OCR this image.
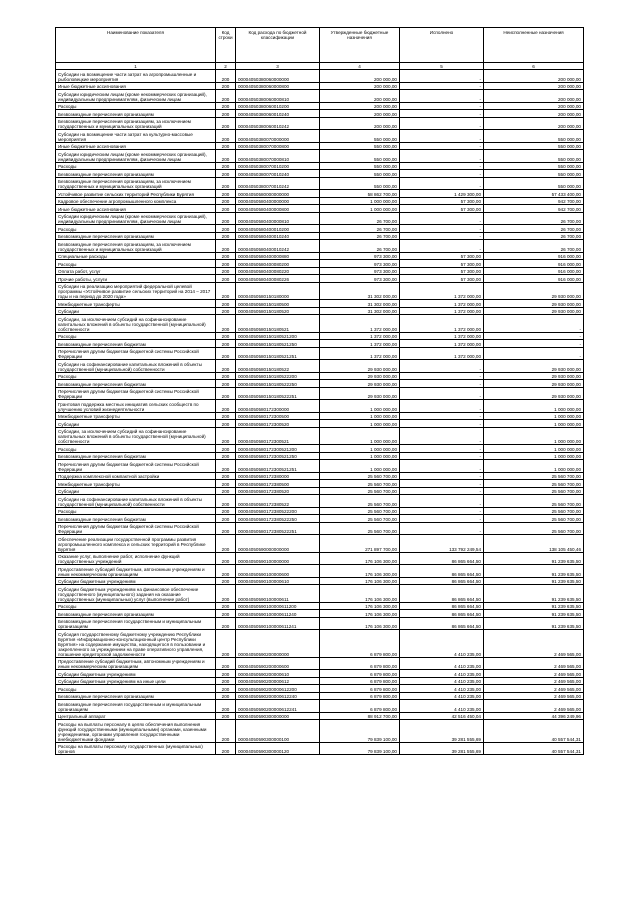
Наименование показателя	Код строки	Код расхода по бюджетной классификации	Утвержденные бюджетные назначения	Исполнено	Неисполненные назначения
1	2	3	4	5	6
Субсидии на возмещение части затрат на агропромышленные и рыболовецкие мероприятия	200	00004050380060000000	200 000,00	-	200 000,00
Иные бюджетные ассигнования	200	00004050380060000800	200 000,00	-	200 000,00
Субсидии юридическим лицам (кроме некоммерческих организаций), индивидуальным предпринимателям, физическим лицам	200	00004050380060000810	200 000,00	-	200 000,00
Расходы	200	00004050380060010200	200 000,00	-	200 000,00
Безвозмездные перечисления организациям	200	00004050380060010240	200 000,00	-	200 000,00
Безвозмездные перечисления организациям, за исключением государственных и муниципальных организаций	200	00004050380060010242	200 000,00	-	200 000,00
Субсидии на возмещение части затрат на культурно-массовые мероприятия	200	00004050380070000000	550 000,00	-	550 000,00
Иные бюджетные ассигнования	200	00004050380070000800	550 000,00	-	550 000,00
Субсидии юридическим лицам (кроме некоммерческих организаций), индивидуальным предпринимателям, физическим лицам	200	00004050380070000810	550 000,00	-	550 000,00
Расходы	200	00004050380070010200	550 000,00	-	550 000,00
Безвозмездные перечисления организациям	200	00004050380070010240	550 000,00	-	550 000,00
Безвозмездные перечисления организациям, за исключением государственных и муниципальных организаций	200	00004050380070010242	550 000,00	-	550 000,00
Устойчивое развитие сельских территорий Республики Бурятия	200	00004050580000000000	58 862 700,00	1 429 300,00	57 433 400,00
Кадровое обеспечение агропромышленного комплекса	200	00004050580400000000	1 000 000,00	57 300,00	942 700,00
Иные бюджетные ассигнования	200	00004050580400000800	1 000 000,00	57 300,00	942 700,00
Субсидии юридическим лицам (кроме некоммерческих организаций), индивидуальным предпринимателям, физическим лицам	200	00004050580400000810	26 700,00	-	26 700,00
Расходы	200	00004050580400010200	26 700,00	-	26 700,00
Безвозмездные перечисления организациям	200	00004050580400010240	26 700,00	-	26 700,00
Безвозмездные перечисления организациям, за исключением государственных и муниципальных организаций	200	00004050580400010242	26 700,00	-	26 700,00
Специальные расходы	200	00004050580400000880	973 300,00	57 300,00	916 000,00
Расходы	200	00004050580400080200	973 300,00	57 300,00	916 000,00
Оплата работ, услуг	200	00004050580400080220	973 300,00	57 300,00	916 000,00
Прочие работы, услуги	200	00004050580400080226	973 300,00	57 300,00	916 000,00
Субсидии на реализацию мероприятий федеральной целевой программы «Устойчивое развитие сельских территорий на 2014 – 2017 годы и на период до 2020 года»	200	00004050580150180000	31 302 000,00	1 372 000,00	29 930 000,00
Межбюджетные трансферты	200	00004050580150180500	31 302 000,00	1 372 000,00	29 930 000,00
Субсидии	200	00004050580150180520	31 302 000,00	1 372 000,00	29 930 000,00
Субсидии, за исключением субсидий на софинансирование капитальных вложений в объекты государственной (муниципальной) собственности	200	00004050580150180521	1 372 000,00	1 372 000,00	-
Расходы	200	00004050580150180521200	1 372 000,00	1 372 000,00	-
Безвозмездные перечисления бюджетам	200	00004050580150180521250	1 372 000,00	1 372 000,00	-
Перечисления другим бюджетам бюджетной системы Российской Федерации	200	00004050580150180521251	1 372 000,00	1 372 000,00	-
Субсидии на софинансирование капитальных вложений в объекты государственной (муниципальной) собственности	200	00004050580150180522	29 930 000,00	-	29 930 000,00
Расходы	200	00004050580150180522200	29 930 000,00	-	29 930 000,00
Безвозмездные перечисления бюджетам	200	00004050580150180522250	29 930 000,00	-	29 930 000,00
Перечисления другим бюджетам бюджетной системы Российской Федерации	200	00004050580150180522251	29 930 000,00	-	29 930 000,00
Грантовая поддержка местных инициатив сельских сообществ по улучшению условий жизнедеятельности	200	00004050580172300000	1 000 000,00	-	1 000 000,00
Межбюджетные трансферты	200	00004050580172300500	1 000 000,00	-	1 000 000,00
Субсидии	200	00004050580172300520	1 000 000,00	-	1 000 000,00
Субсидии, за исключением субсидий на софинансирование капитальных вложений в объекты государственной (муниципальной) собственности	200	00004050580172300521	1 000 000,00	-	1 000 000,00
Расходы	200	00004050580172300521200	1 000 000,00	-	1 000 000,00
Безвозмездные перечисления бюджетам	200	00004050580172300521250	1 000 000,00	-	1 000 000,00
Перечисления другим бюджетам бюджетной системы Российской Федерации	200	00004050580172300521251	1 000 000,00	-	1 000 000,00
Поддержка комплексной компактной застройки	200	00004050580172380000	25 560 700,00	-	25 560 700,00
Межбюджетные трансферты	200	00004050580172380500	25 560 700,00	-	25 560 700,00
Субсидии	200	00004050580172380520	25 560 700,00	-	25 560 700,00
Субсидии на софинансирование капитальных вложений в объекты государственной (муниципальной) собственности	200	00004050580172380522	25 560 700,00	-	25 560 700,00
Расходы	200	00004050580172380522200	25 560 700,00	-	25 560 700,00
Безвозмездные перечисления бюджетам	200	00004050580172380522250	25 560 700,00	-	25 560 700,00
Перечисления другим бюджетам бюджетной системы Российской Федерации	200	00004050580172380522251	25 560 700,00	-	25 560 700,00
Обеспечение реализации государственной программы развития агропромышленного комплекса и сельских территорий в Республике Бурятия	200	00004050590000000000	271 897 700,00	133 792 249,54	138 105 450,46
Оказание услуг, выполнение работ, исполнение функций государственных учреждений	200	00004050590100000000	176 106 300,00	86 865 664,50	91 239 635,50
Предоставление субсидий бюджетным, автономным учреждениям и иным некоммерческим организациям	200	00004050590100000600	176 106 300,00	86 865 664,50	91 239 635,50
Субсидии бюджетным учреждениям	200	00004050590100000610	176 106 300,00	86 865 664,50	91 239 635,50
Субсидии бюджетным учреждениям на финансовое обеспечение государственного (муниципального) задания на оказание государственных (муниципальных) услуг (выполнение работ)	200	00004050590100000611	176 106 300,00	86 865 664,50	91 239 635,50
Расходы	200	00004050590100000611200	176 106 300,00	86 865 664,50	91 239 635,50
Безвозмездные перечисления организациям	200	00004050590100000611240	176 106 300,00	86 865 664,50	91 239 635,50
Безвозмездные перечисления государственным и муниципальным организациям	200	00004050590100000611241	176 106 300,00	86 865 664,50	91 239 635,50
Субсидия государственному бюджетному учреждению Республики Бурятия «Информационно-консультационный центр Республики Бурятия» на содержание имущества, находящегося в пользовании и закрепленного за учреждением на праве оперативного управления, погашение кредиторской задолженности	200	00004050590200000000	6 879 800,00	4 410 235,00	2 469 565,00
Предоставление субсидий бюджетным, автономным учреждениям и иным некоммерческим организациям	200	00004050590200000600	6 879 800,00	4 410 235,00	2 469 565,00
Субсидии бюджетным учреждениям	200	00004050590200000610	6 879 800,00	4 410 235,00	2 469 565,00
Субсидии бюджетным учреждениям на иные цели	200	00004050590200000612	6 879 800,00	4 410 235,00	2 469 565,00
Расходы	200	00004050590200000612200	6 879 800,00	4 410 235,00	2 469 565,00
Безвозмездные перечисления организациям	200	00004050590200000612240	6 879 800,00	4 410 235,00	2 469 565,00
Безвозмездные перечисления государственным и муниципальным организациям	200	00004050590200000612241	6 879 800,00	4 410 235,00	2 469 565,00
Центральный аппарат	200	00004050590300000000	88 912 700,00	42 516 450,04	44 396 249,96
Расходы на выплаты персоналу в целях обеспечения выполнения функций государственными (муниципальными) органами, казенными учреждениями, органами управления государственными внебюджетными фондами	200	00004050590300000100	79 839 100,00	39 281 555,69	40 557 544,31
Расходы на выплаты персоналу государственных (муниципальных) органов	200	00004050590300000120	79 839 100,00	39 281 555,69	40 557 544,31
